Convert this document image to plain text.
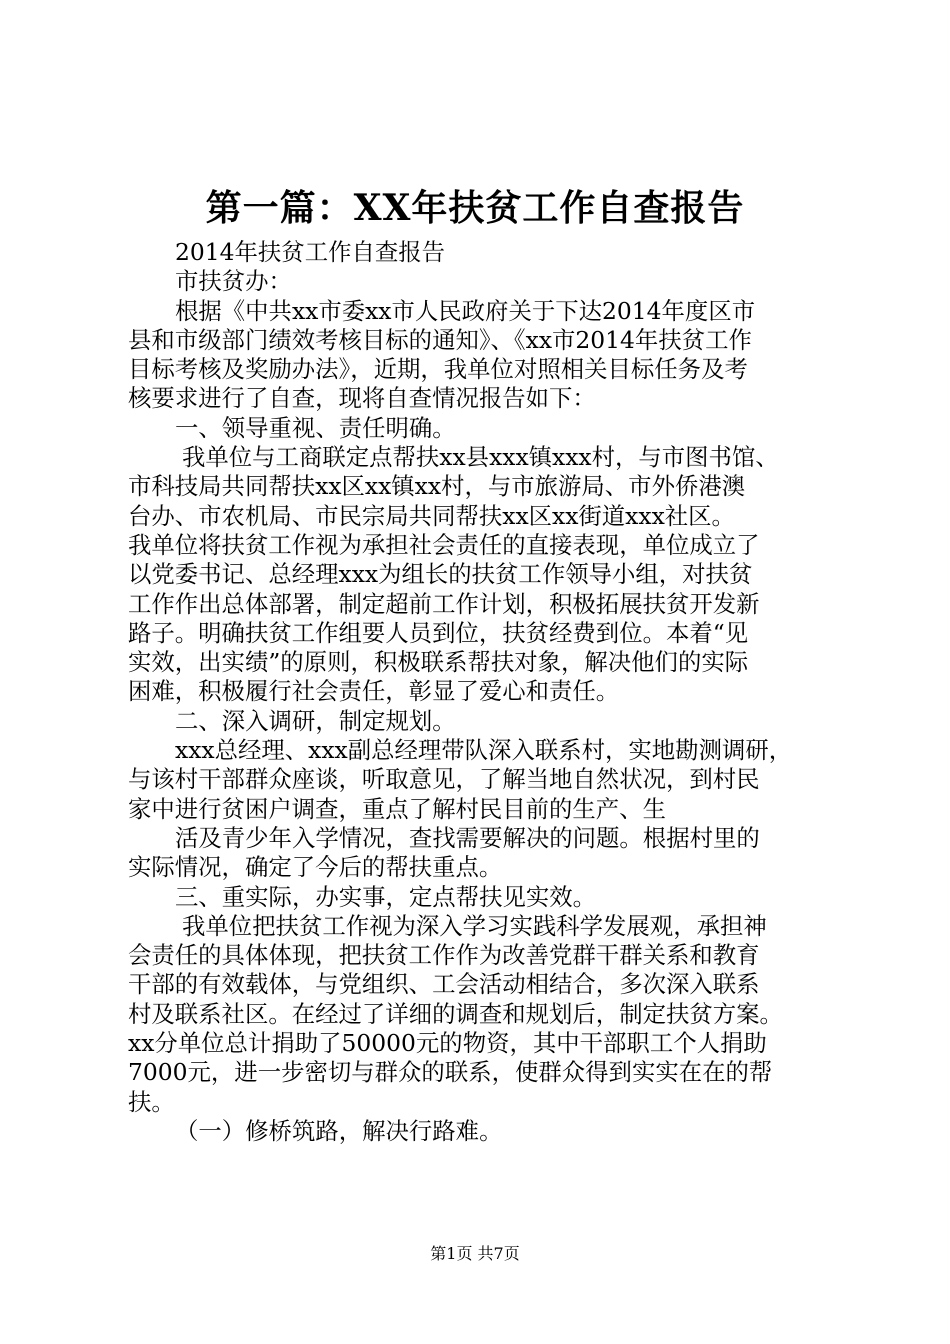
第一篇：XX年扶贫工作自查报告

2014年扶贫工作自查报告

市扶贫办：

根据《中共xx市委xx市人民政府关于下达2014年度区市

县和市级部门绩效考核目标的通知》、《xx市2014年扶贫工作

目标考核及奖励办法》，近期，我单位对照相关目标任务及考

核要求进行了自查，现将自查情况报告如下：

一、领导重视、责任明确。

我单位与工商联定点帮扶xx县xxx镇xxx村，与市图书馆、

市科技局共同帮扶xx区xx镇xx村，与市旅游局、市外侨港澳

台办、市农机局、市民宗局共同帮扶xx区xx街道xxx社区。

我单位将扶贫工作视为承担社会责任的直接表现，单位成立了

以党委书记、总经理xxx为组长的扶贫工作领导小组，对扶贫

工作作出总体部署，制定超前工作计划，积极拓展扶贫开发新

路子。明确扶贫工作组要人员到位，扶贫经费到位。本着“见

实效，出实绩”的原则，积极联系帮扶对象，解决他们的实际

困难，积极履行社会责任，彰显了爱心和责任。

二、深入调研，制定规划。

xxx总经理、xxx副总经理带队深入联系村，实地勘测调研，

与该村干部群众座谈，听取意见，了解当地自然状况，到村民

家中进行贫困户调查，重点了解村民目前的生产、生

活及青少年入学情况，查找需要解决的问题。根据村里的

实际情况，确定了今后的帮扶重点。

三、重实际，办实事，定点帮扶见实效。

我单位把扶贫工作视为深入学习实践科学发展观，承担神

会责任的具体体现，把扶贫工作作为改善党群干群关系和教育

干部的有效载体，与党组织、工会活动相结合，多次深入联系

村及联系社区。在经过了详细的调查和规划后，制定扶贫方案。

xx分单位总计捐助了50000元的物资，其中干部职工个人捐助

7000元，进一步密切与群众的联系，使群众得到实实在在的帮

扶。

（一）修桥筑路，解决行路难。

第1页 共7页
